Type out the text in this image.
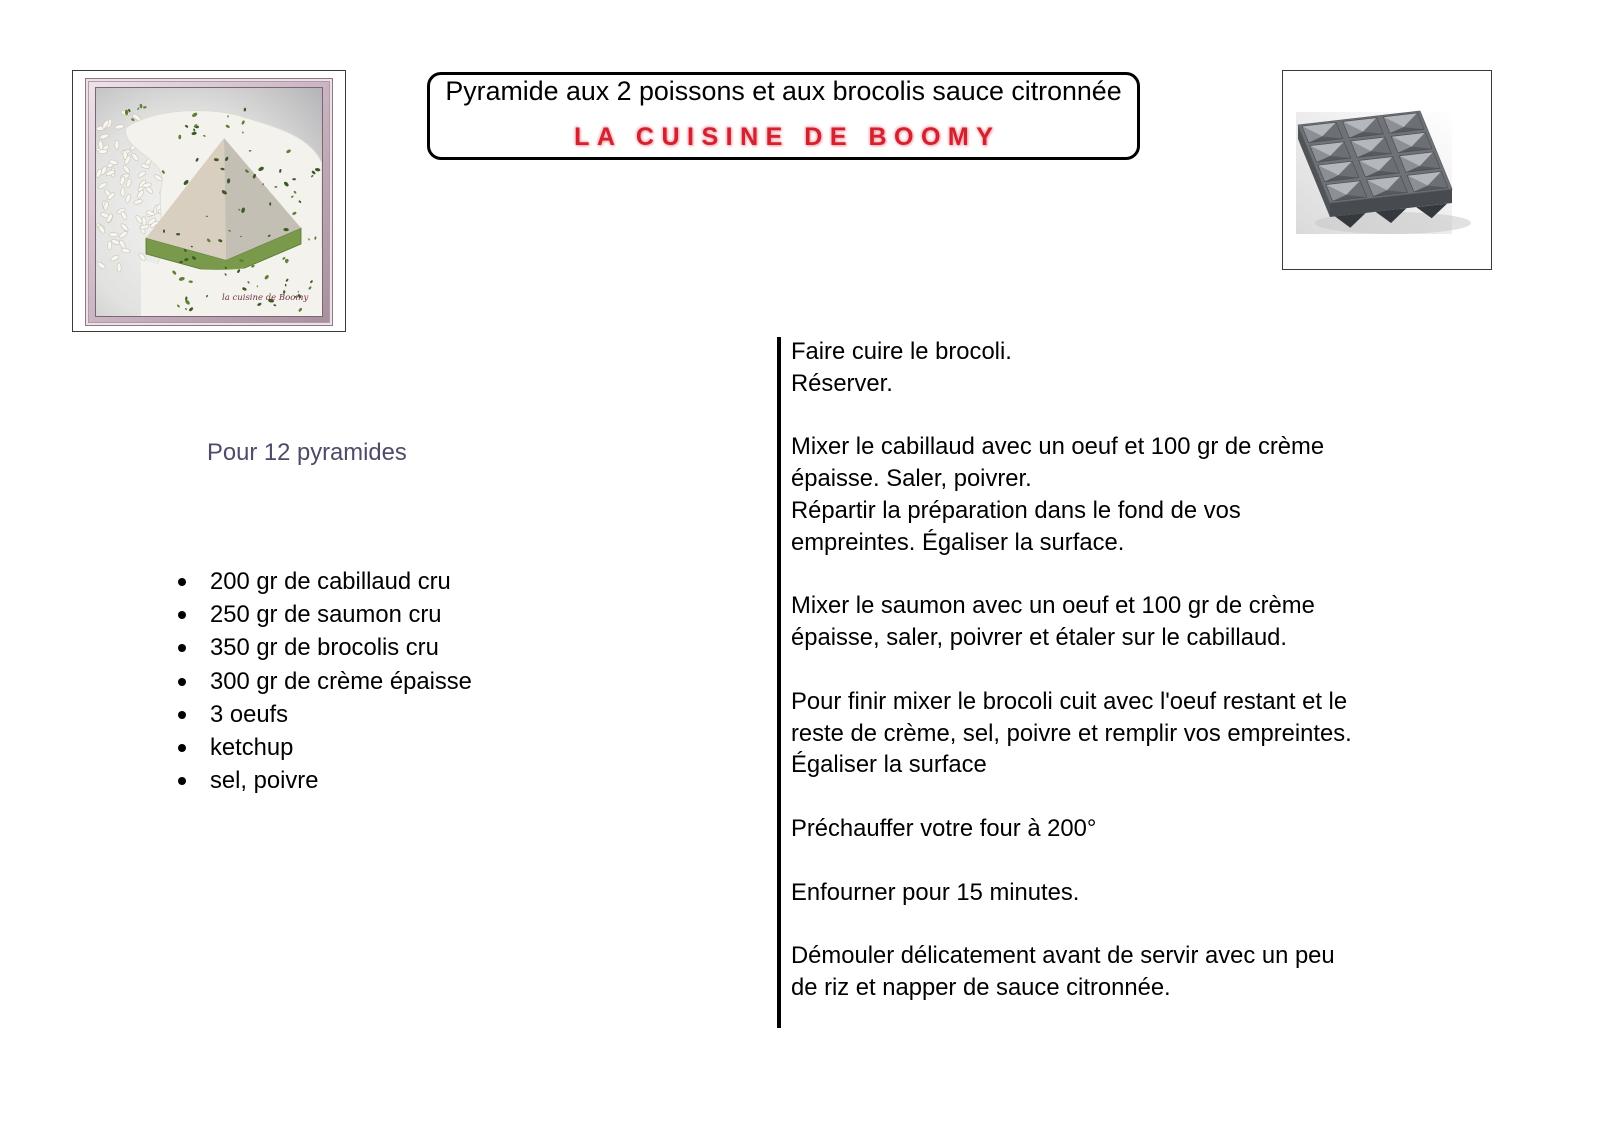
la cuisine de Boomy
Pyramide aux 2 poissons et aux brocolis sauce citronnée
LA CUISINE DE BOOMY
Pour 12 pyramides
200 gr de cabillaud cru
250 gr de saumon cru
350 gr de brocolis cru
300 gr de crème épaisse
3 oeufs
ketchup
sel, poivre

Faire cuire le brocoli.
Réserver.

Mixer le cabillaud avec un oeuf et 100 gr de crème
épaisse. Saler, poivrer.
Répartir la préparation dans le fond de vos
empreintes. Égaliser la surface.

Mixer le saumon avec un oeuf et 100 gr de crème
épaisse, saler, poivrer et étaler sur le cabillaud.

Pour finir mixer le brocoli cuit avec l'oeuf restant et le
reste de crème, sel, poivre et remplir vos empreintes.
Égaliser la surface

Préchauffer votre four à 200°

Enfourner pour 15 minutes.

Démouler délicatement avant de servir avec un peu
de riz et napper de sauce citronnée.
